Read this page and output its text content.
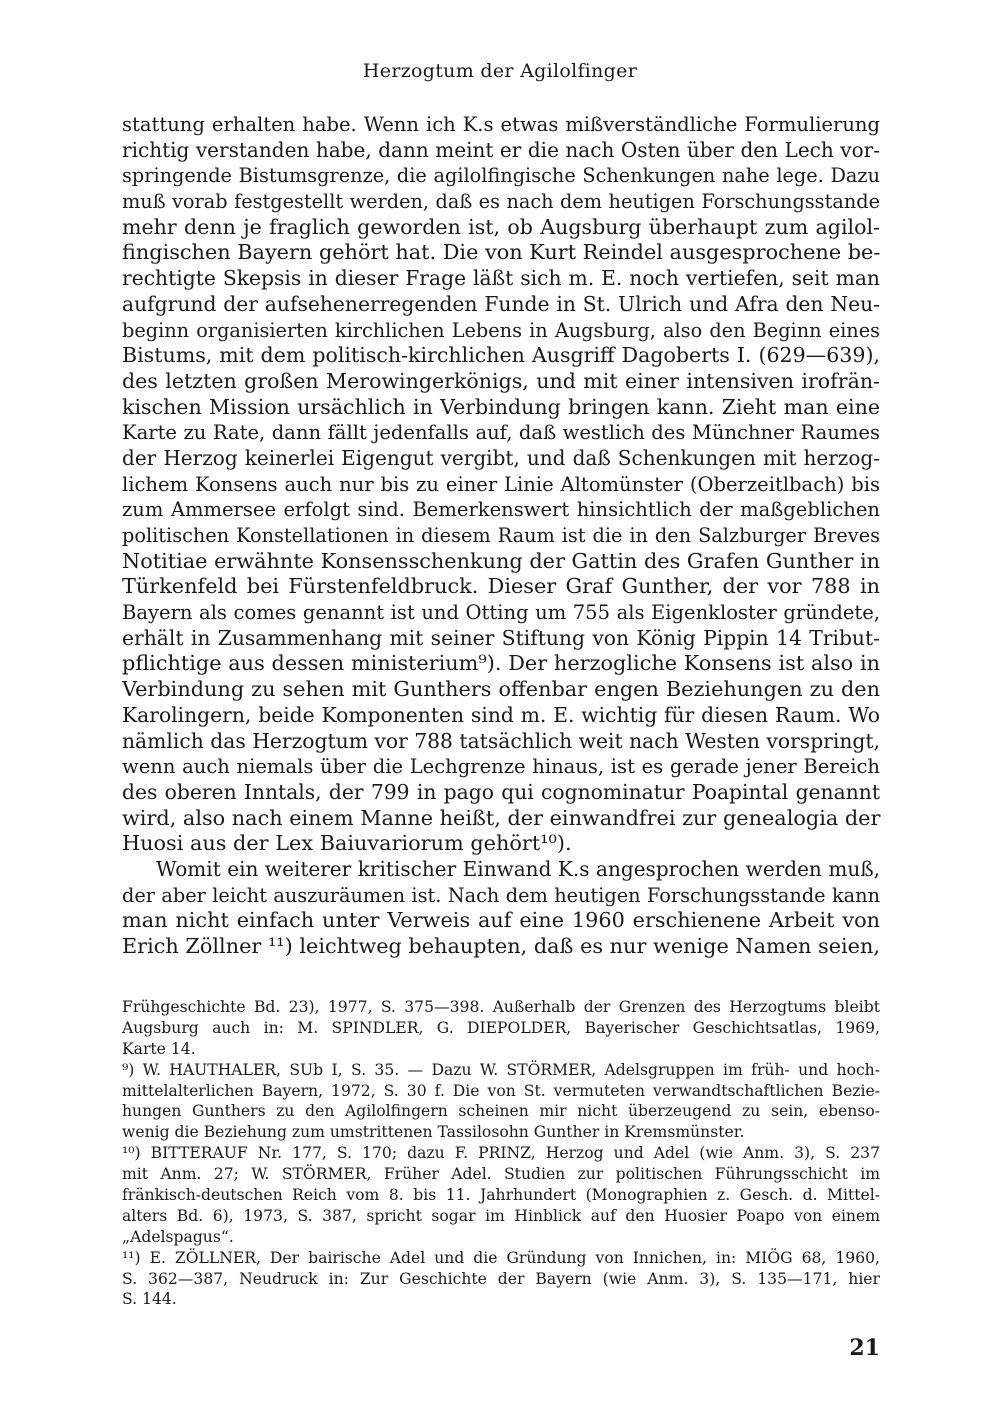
Herzogtum der Agilolfinger
stattung erhalten habe. Wenn ich K.s etwas mißverständliche Formulierung
richtig verstanden habe, dann meint er die nach Osten über den Lech vor-
springende Bistumsgrenze, die agilolfingische Schenkungen nahe lege. Dazu
muß vorab festgestellt werden, daß es nach dem heutigen Forschungsstande
mehr denn je fraglich geworden ist, ob Augsburg überhaupt zum agilol-
fingischen Bayern gehört hat. Die von Kurt Reindel ausgesprochene be-
rechtigte Skepsis in dieser Frage läßt sich m. E. noch vertiefen, seit man
aufgrund der aufsehenerregenden Funde in St. Ulrich und Afra den Neu-
beginn organisierten kirchlichen Lebens in Augsburg, also den Beginn eines
Bistums, mit dem politisch-kirchlichen Ausgriff Dagoberts I. (629—639),
des letzten großen Merowingerkönigs, und mit einer intensiven irofrän-
kischen Mission ursächlich in Verbindung bringen kann. Zieht man eine
Karte zu Rate, dann fällt jedenfalls auf, daß westlich des Münchner Raumes
der Herzog keinerlei Eigengut vergibt, und daß Schenkungen mit herzog-
lichem Konsens auch nur bis zu einer Linie Altomünster (Oberzeitlbach) bis
zum Ammersee erfolgt sind. Bemerkenswert hinsichtlich der maßgeblichen
politischen Konstellationen in diesem Raum ist die in den Salzburger Breves
Notitiae erwähnte Konsensschenkung der Gattin des Grafen Gunther in
Türkenfeld bei Fürstenfeldbruck. Dieser Graf Gunther, der vor 788 in
Bayern als comes genannt ist und Otting um 755 als Eigenkloster gründete,
erhält in Zusammenhang mit seiner Stiftung von König Pippin 14 Tribut-
pflichtige aus dessen ministerium⁹). Der herzogliche Konsens ist also in
Verbindung zu sehen mit Gunthers offenbar engen Beziehungen zu den
Karolingern, beide Komponenten sind m. E. wichtig für diesen Raum. Wo
nämlich das Herzogtum vor 788 tatsächlich weit nach Westen vorspringt,
wenn auch niemals über die Lechgrenze hinaus, ist es gerade jener Bereich
des oberen Inntals, der 799 in pago qui cognominatur Poapintal genannt
wird, also nach einem Manne heißt, der einwandfrei zur genealogia der
Huosi aus der Lex Baiuvariorum gehört¹⁰).
Womit ein weiterer kritischer Einwand K.s angesprochen werden muß,
der aber leicht auszuräumen ist. Nach dem heutigen Forschungsstande kann
man nicht einfach unter Verweis auf eine 1960 erschienene Arbeit von
Erich Zöllner ¹¹) leichtweg behaupten, daß es nur wenige Namen seien,
Frühgeschichte Bd. 23), 1977, S. 375—398. Außerhalb der Grenzen des Herzogtums bleibt
Augsburg auch in: M. SPINDLER, G. DIEPOLDER, Bayerischer Geschichtsatlas, 1969,
Karte 14.
⁹) W. HAUTHALER, SUb I, S. 35. — Dazu W. STÖRMER, Adelsgruppen im früh- und hoch-
mittelalterlichen Bayern, 1972, S. 30 f. Die von St. vermuteten verwandtschaftlichen Bezie-
hungen Gunthers zu den Agilolfingern scheinen mir nicht überzeugend zu sein, ebenso-
wenig die Beziehung zum umstrittenen Tassilosohn Gunther in Kremsmünster.
¹⁰) BITTERAUF Nr. 177, S. 170; dazu F. PRINZ, Herzog und Adel (wie Anm. 3), S. 237
mit Anm. 27; W. STÖRMER, Früher Adel. Studien zur politischen Führungsschicht im
fränkisch-deutschen Reich vom 8. bis 11. Jahrhundert (Monographien z. Gesch. d. Mittel-
alters Bd. 6), 1973, S. 387, spricht sogar im Hinblick auf den Huosier Poapo von einem
„Adelspagus“.
¹¹) E. ZÖLLNER, Der bairische Adel und die Gründung von Innichen, in: MIÖG 68, 1960,
S. 362—387, Neudruck in: Zur Geschichte der Bayern (wie Anm. 3), S. 135—171, hier
S. 144.
21
